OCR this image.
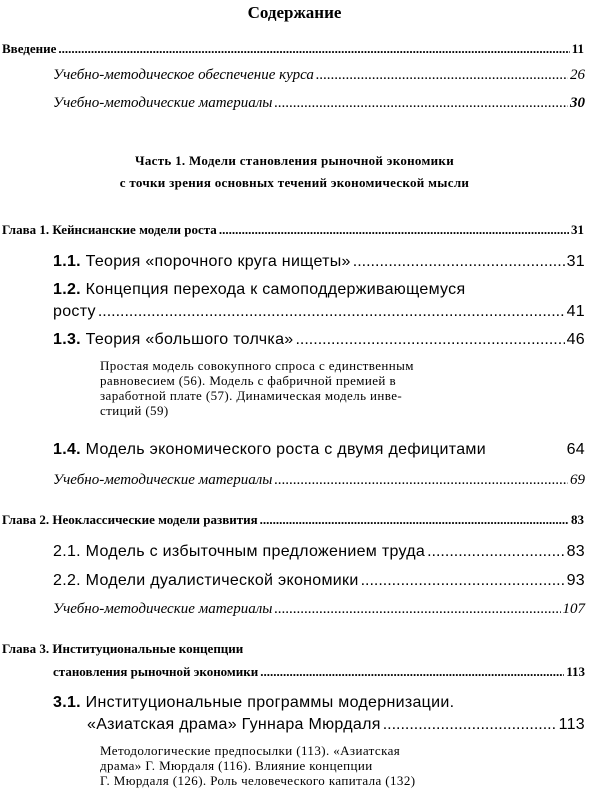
Содержание
Введение .....	11
Учебно-методическое обеспечение курса .....	26
Учебно-методические материалы .....	30
Часть 1. Модели становления рыночной экономики
с точки зрения основных течений экономической мысли
Глава 1. Кейнсианские модели роста .....	31
1.1.
Теория «порочного круга нищеты» .....	31
1.2. Концепция перехода к самоподдерживающемуся
росту .....	41
1.3.
Теория «большого толчка» .....	46
Простая модель совокупного спроса с единственным
равновесием (56). Модель с фабричной премией в
заработной плате (57). Динамическая модель инве-
стиций (59)
1.4.
Модель экономического роста с двумя дефицитами	64
Учебно-методические материалы .....	69
Глава 2. Неоклассические модели развития .....	83
2.1.
Модель с избыточным предложением труда .....	83
2.2.
Модели дуалистической экономики .....	93
Учебно-методические материалы .....	107
Глава 3. Институциональные концепции
становления рыночной экономики .....	113
3.1. Институциональные программы модернизации.
«Азиатская драма» Гуннара Мюрдаля .....	113
Методологические предпосылки (113). «Азиатская
драма» Г. Мюрдаля (116). Влияние концепции
Г. Мюрдаля (126). Роль человеческого капитала (132)
